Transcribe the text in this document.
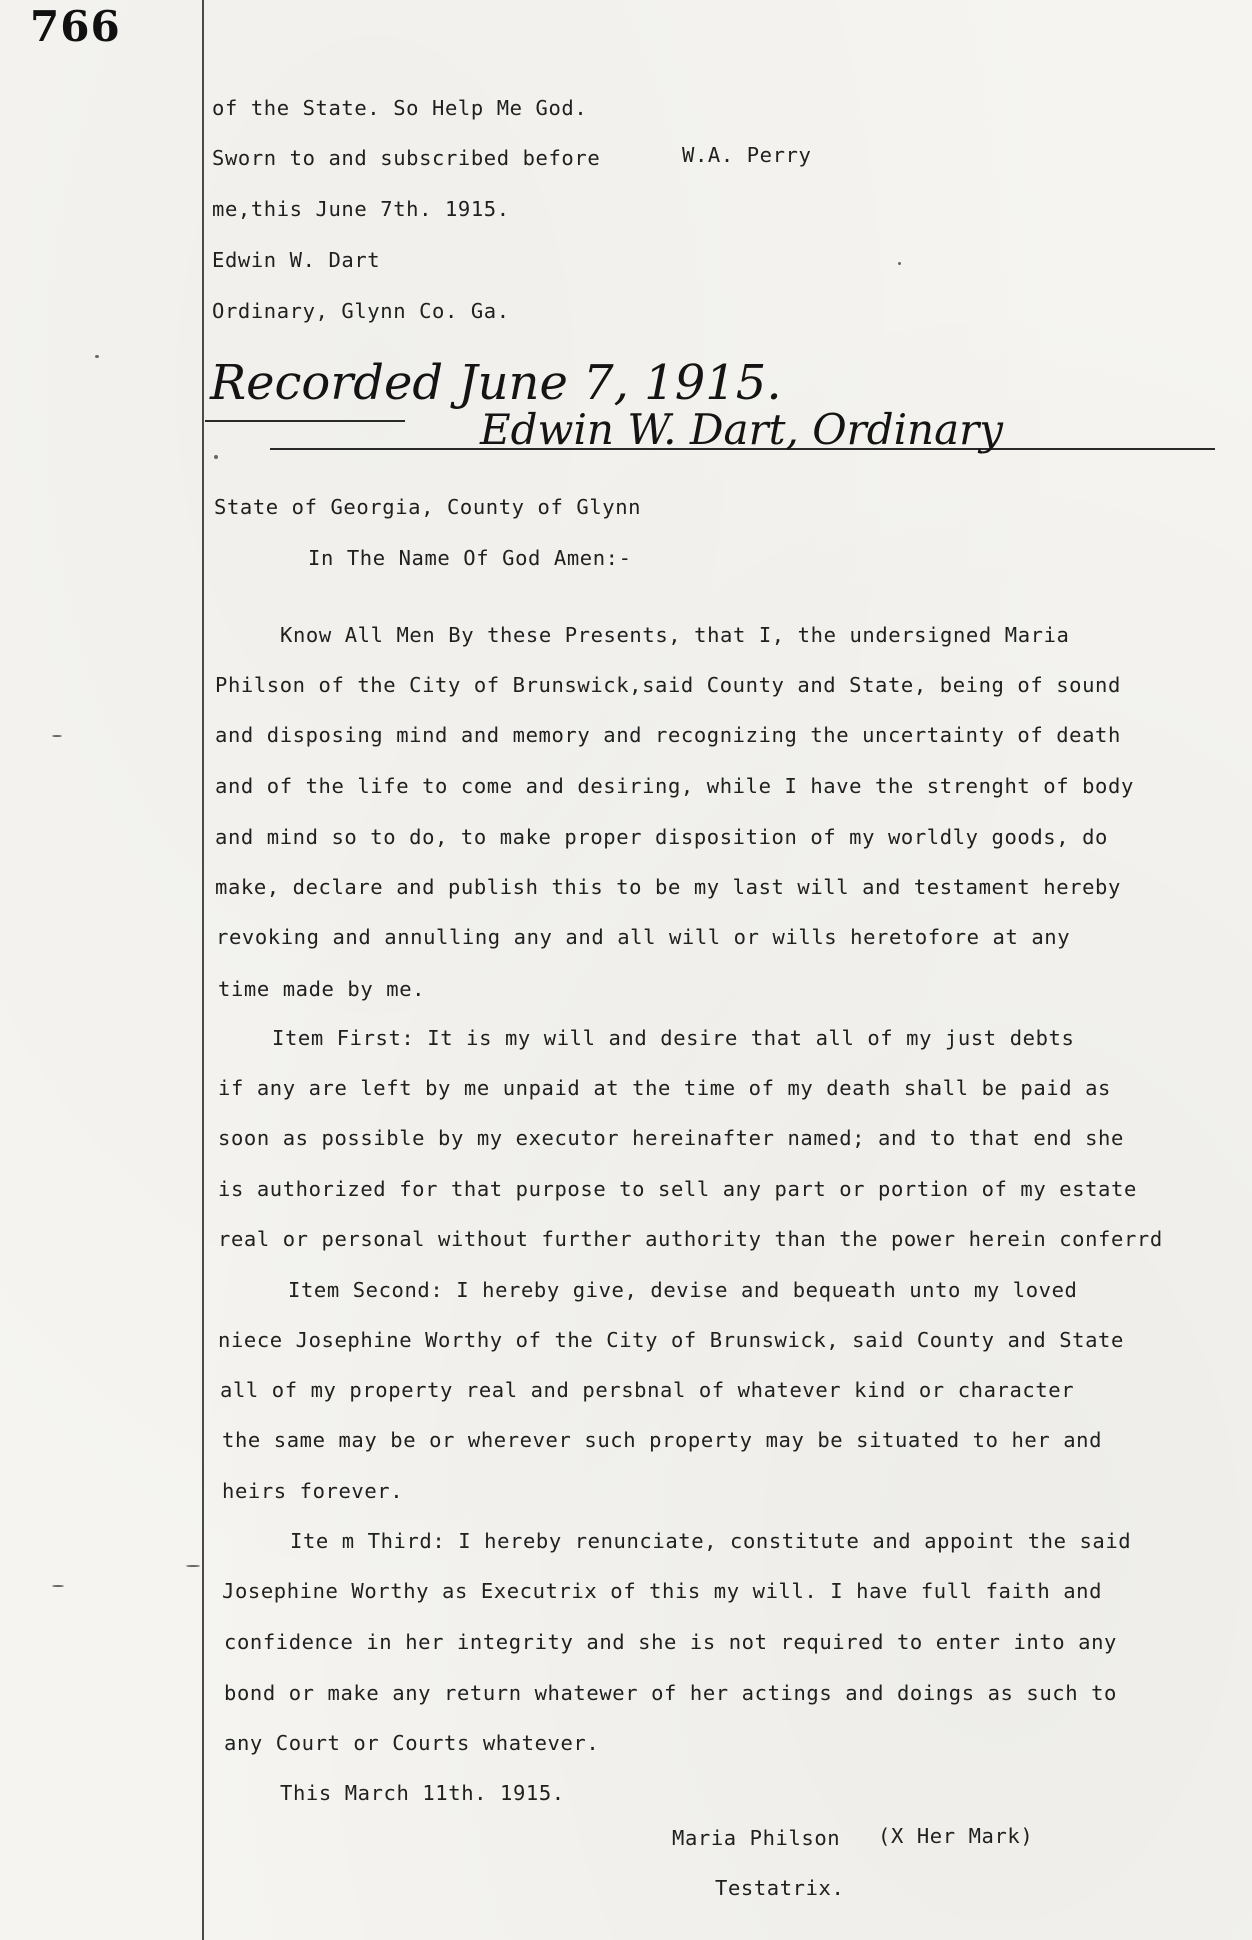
766
of the State. So Help Me God.
Sworn to and subscribed before	W.A. Perry
me,this June 7th. 1915.
Edwin W. Dart
Ordinary, Glynn Co. Ga.
Recorded June 7, 1915.
Edwin W. Dart, Ordinary
State of Georgia, County of Glynn
In The Name Of God Amen:-
Know All Men By these Presents, that I, the undersigned Maria
Philson of the City of Brunswick,said County and State, being of sound
and disposing mind and memory and recognizing the uncertainty of death
and of the life to come and desiring, while I have the strenght of body
and mind so to do, to make proper disposition of my worldly goods, do
make, declare and publish this to be my last will and testament hereby
revoking and annulling any and all will or wills heretofore at any
time made by me.
Item First: It is my will and desire that all of my just debts
if any are left by me unpaid at the time of my death shall be paid as
soon as possible by my executor hereinafter named; and to that end she
is authorized for that purpose to sell any part or portion of my estate
real or personal without further authority than the power herein conferrd
Item Second: I hereby give, devise and bequeath unto my loved
niece Josephine Worthy of the City of Brunswick, said County and State
all of my property real and persbnal of whatever kind or character
the same may be or wherever such property may be situated to her and
heirs forever.
Ite m Third: I hereby renunciate, constitute and appoint the said
Josephine Worthy as Executrix of this my will. I have full faith and
confidence in her integrity and she is not required to enter into any
bond or make any return whatewer of her actings and doings as such to
any Court or Courts whatever.
This March 11th. 1915.
Maria Philson (X Her Mark)
Testatrix.
